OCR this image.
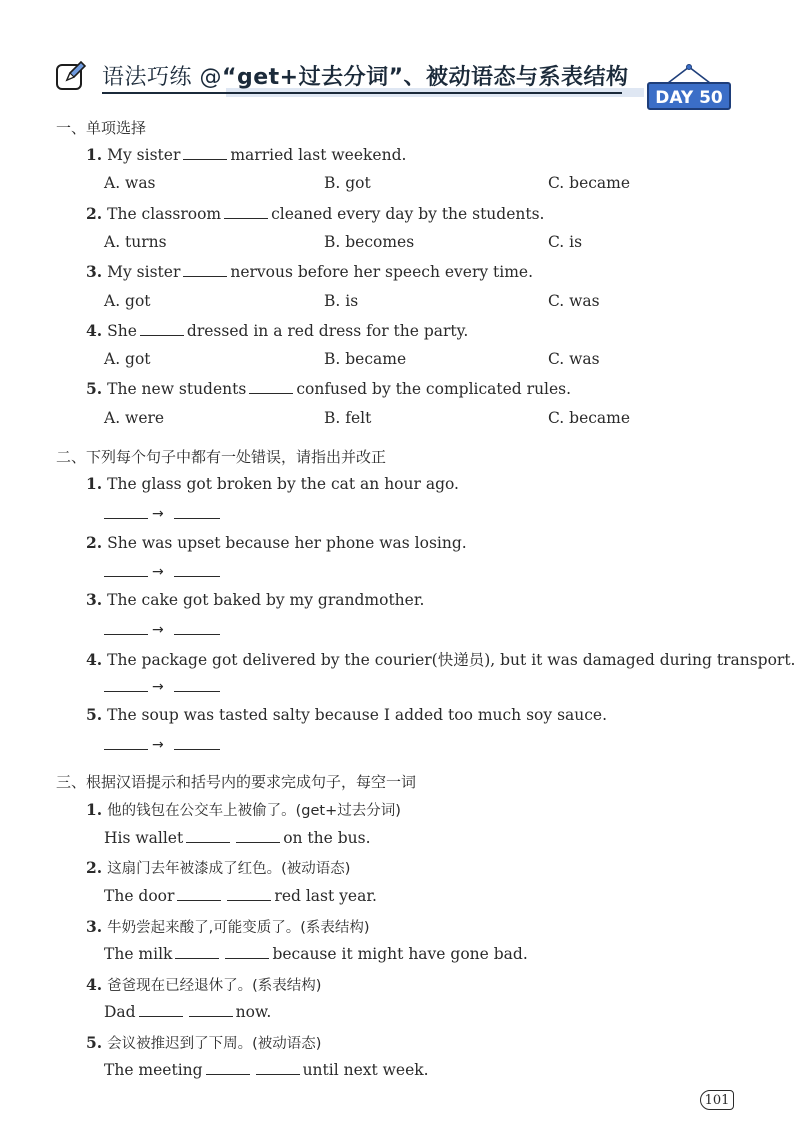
语法巧练 @“get+过去分词”、被动语态与系表结构
DAY 50
一、单项选择
1. My sister	married last weekend.
A. was	B. got	C. became
2. The classroom	cleaned every day by the students.
A. turns	B. becomes	C. is
3. My sister	nervous before her speech every time.
A. got	B. is	C. was
4. She	dressed in a red dress for the party.
A. got	B. became	C. was
5. The new students	confused by the complicated rules.
A. were	B. felt	C. became
二、下列每个句子中都有一处错误，请指出并改正
1. The glass got broken by the cat an hour ago.
→
2. She was upset because her phone was losing.
→
3. The cake got baked by my grandmother.
→
4. The package got delivered by the courier(快递员), but it was damaged during transport.
→
5. The soup was tasted salty because I added too much soy sauce.
→
三、根据汉语提示和括号内的要求完成句子，每空一词
1. 他的钱包在公交车上被偷了。(get+过去分词)
His wallet	on the bus.
2. 这扇门去年被漆成了红色。(被动语态)
The door	red last year.
3. 牛奶尝起来酸了,可能变质了。(系表结构)
The milk	because it might have gone bad.
4. 爸爸现在已经退休了。(系表结构)
Dad	now.
5. 会议被推迟到了下周。(被动语态)
The meeting	until next week.
101
